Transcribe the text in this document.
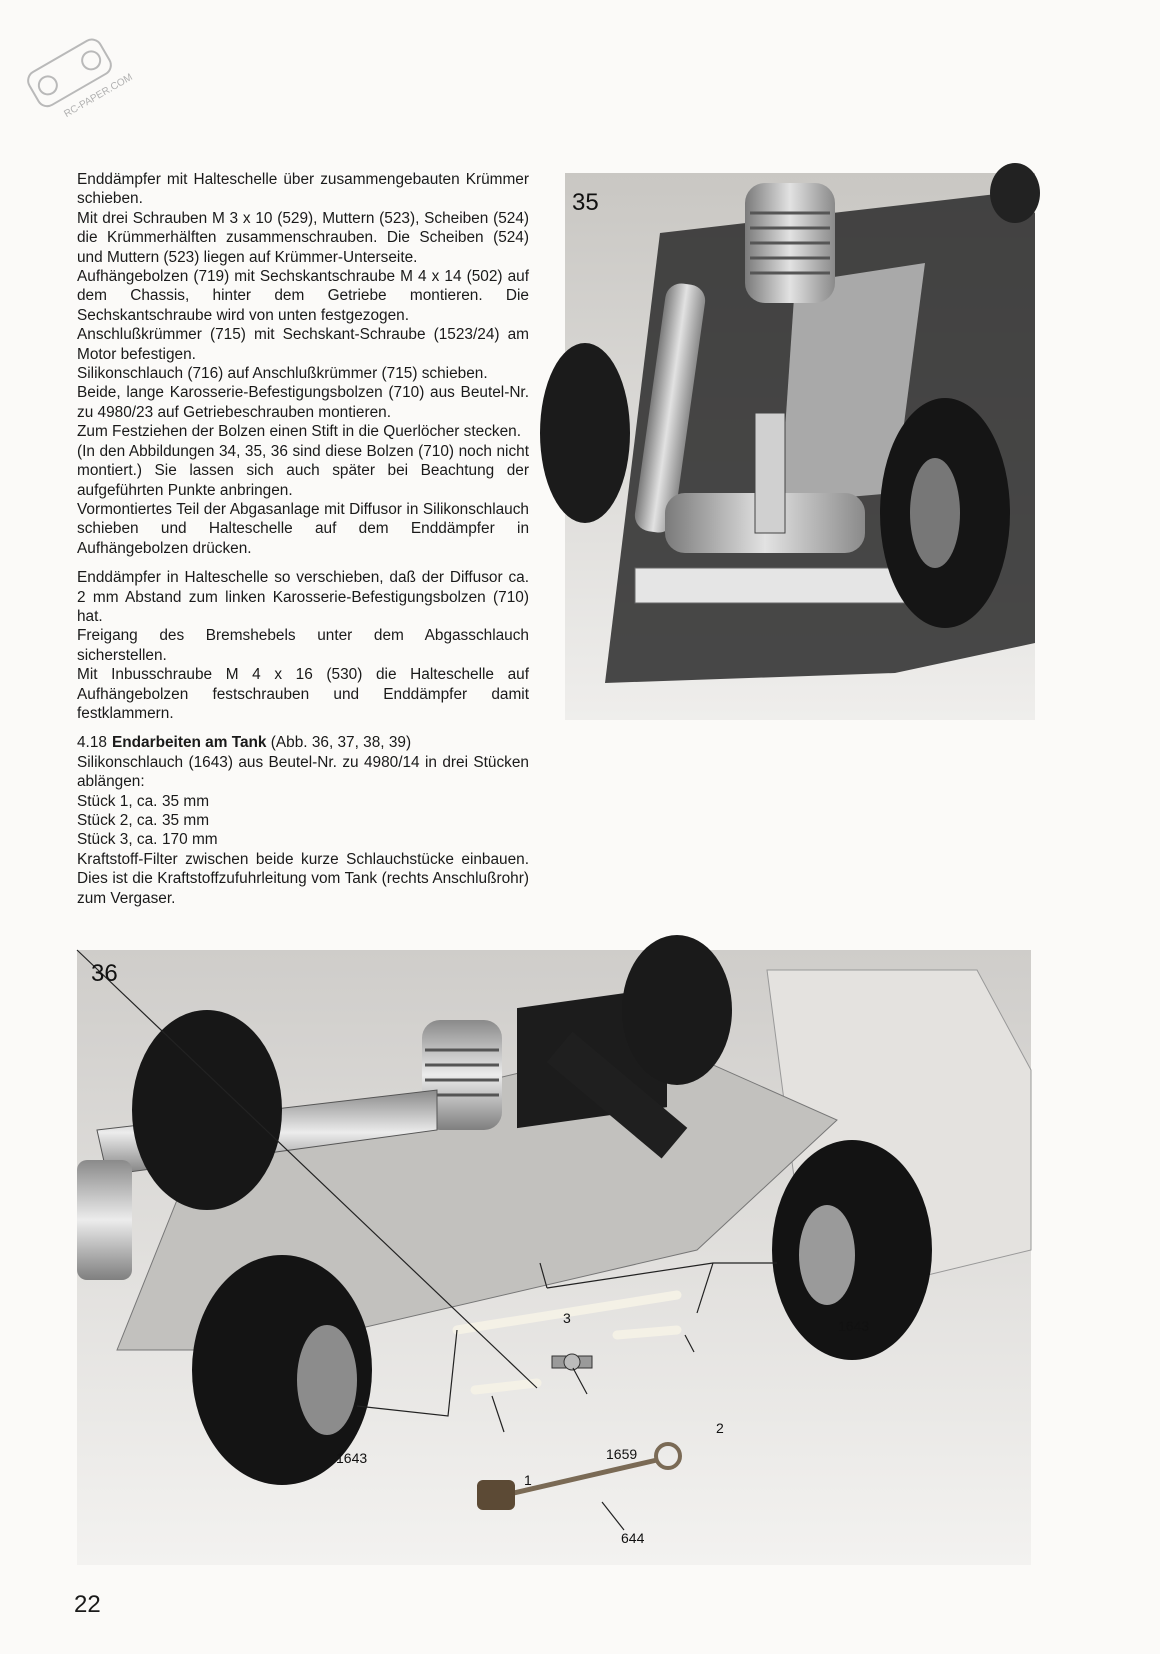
RC-PAPER.COM

Enddämpfer mit Halteschelle über zusammengebauten Krümmer schieben.

Mit drei Schrauben M 3 x 10 (529), Muttern (523), Scheiben (524) die Krümmerhälften zusammenschrauben. Die Scheiben (524) und Muttern (523) liegen auf Krümmer-Unterseite.

Aufhängebolzen (719) mit Sechskantschraube M 4 x 14 (502) auf dem Chassis, hinter dem Getriebe montieren. Die Sechskantschraube wird von unten festgezogen.

Anschlußkrümmer (715) mit Sechskant-Schraube (1523/24) am Motor befestigen.

Silikonschlauch (716) auf Anschlußkrümmer (715) schieben.

Beide, lange Karosserie-Befestigungsbolzen (710) aus Beutel-Nr. zu 4980/23 auf Getriebeschrauben montieren.

Zum Festziehen der Bolzen einen Stift in die Querlöcher stecken.

(In den Abbildungen 34, 35, 36 sind diese Bolzen (710) noch nicht montiert.) Sie lassen sich auch später bei Beachtung der aufgeführten Punkte anbringen.

Vormontiertes Teil der Abgasanlage mit Diffusor in Silikonschlauch schieben und Halteschelle auf dem Enddämpfer in Aufhängebolzen drücken.

Enddämpfer in Halteschelle so verschieben, daß der Diffusor ca. 2 mm Abstand zum linken Karosserie-Befestigungsbolzen (710) hat.

Freigang des Bremshebels unter dem Abgasschlauch sicherstellen.

Mit Inbusschraube M 4 x 16 (530) die Halteschelle auf Aufhängebolzen festschrauben und Enddämpfer damit festklammern.

4.18 Endarbeiten am Tank (Abb. 36, 37, 38, 39)

Silikonschlauch (1643) aus Beutel-Nr. zu 4980/14 in drei Stücken ablängen:

Stück 1, ca. 35 mm
Stück 2, ca. 35 mm
Stück 3, ca. 170 mm

Kraftstoff-Filter zwischen beide kurze Schlauchstücke einbauen. Dies ist die Kraftstoffzufuhrleitung vom Tank (rechts Anschlußrohr) zum Vergaser.

35
36
3	1643
2
1659
1643
1
644
22
